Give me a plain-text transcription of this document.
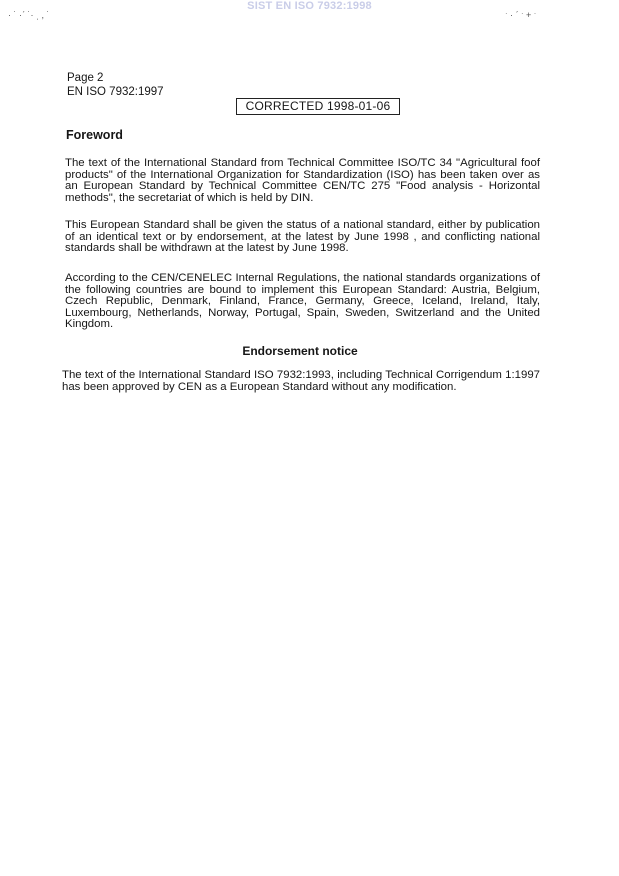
SIST EN ISO 7932:1998
· ˙ ·ˊ ˙· ˌ , ˙	ˑ · ˊ ˑ + ˑ
Page 2
EN ISO 7932:1997
CORRECTED 1998-01-06
Foreword

The text of the International Standard from Technical Committee ISO/TC 34 "Agricultural foof products" of the International Organization for Standardization (ISO) has been taken over as an European Standard by Technical Committee CEN/TC 275 "Food analysis - Horizontal methods", the secretariat of which is held by DIN.

This European Standard shall be given the status of a national standard, either by publication of an identical text or by endorsement, at the latest by June 1998 , and conflicting national standards shall be withdrawn at the latest by June 1998.

According to the CEN/CENELEC Internal Regulations, the national standards organizations of the following countries are bound to implement this European Standard: Austria, Belgium, Czech Republic, Denmark, Finland, France, Germany, Greece, Iceland, Ireland, Italy, Luxembourg, Netherlands, Norway, Portugal, Spain, Sweden, Switzerland and the United Kingdom.

Endorsement notice

The text of the International Standard ISO 7932:1993, including Technical Corrigendum 1:1997 has been approved by CEN as a European Standard without any modification.
